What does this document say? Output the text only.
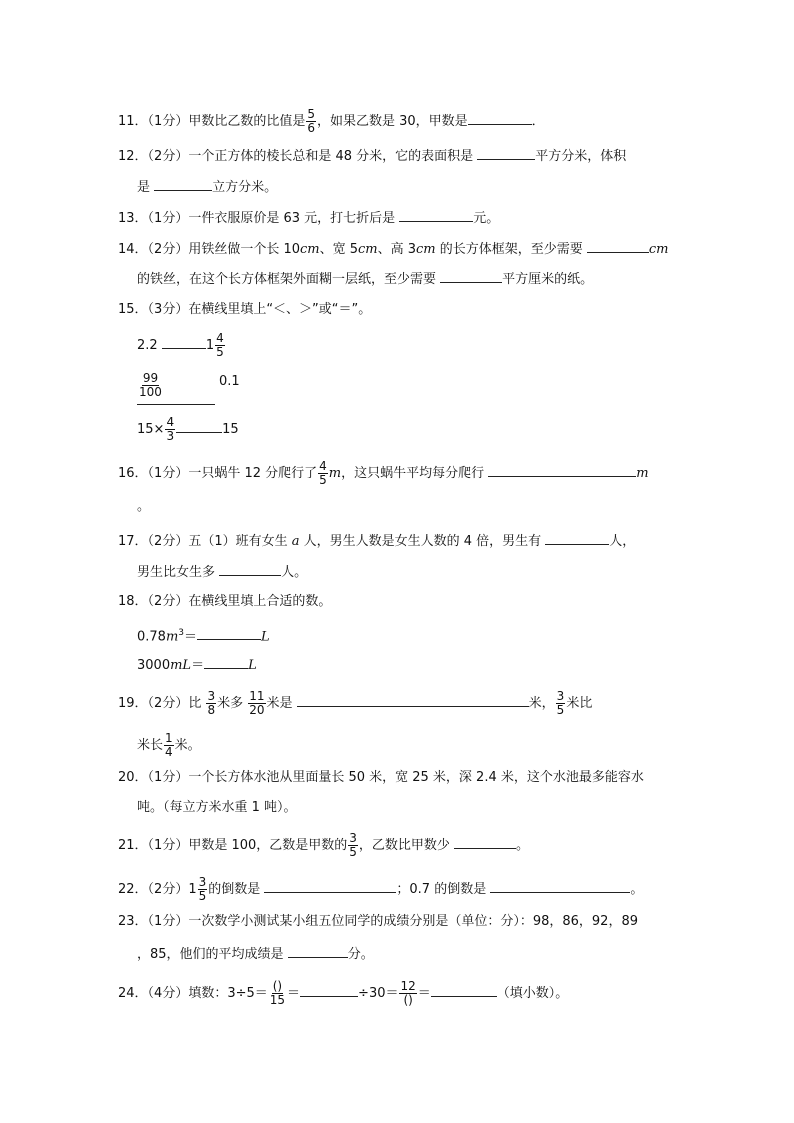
11．（1分）甲数比乙数的比值是 $\frac{5}{6}$ ，如果乙数是 30，甲数是	．
12．（2分）一个正方体的棱长总和是 48 分米，它的表面积是	平方分米，体积
是	立方分米。
13．（1分）一件衣服原价是 63 元，打七折后是	元。
14．（2分）用铁丝做一个长 10cm、宽 5cm、高 3cm 的长方体框架，至少需要	cm
的铁丝，在这个长方体框架外面糊一层纸，至少需要	平方厘米的纸。
15．（3分）在横线里填上“＜、＞”或“＝”。
2.2	$1 \frac{4}{5}$
$\frac{99}{100}$	0.1
$15\times \frac{4}{3}$	15
16．（1分）一只蜗牛 12 分爬行了 $\frac{4}{5}$ m，这只蜗牛平均每分爬行	m
。
17．（2分）五（1）班有女生 a 人，男生人数是女生人数的 4 倍，男生有	人，
男生比女生多	人。
18．（2分）在横线里填上合适的数。
$0.78m^3=$	L
3000mL＝	L
19．（2分）比 $\frac{3}{8}$ 米多 $\frac{11}{20}$ 米是	米， $\frac{3}{5}$ 米比
米长 $\frac{1}{4}$ 米。
20．（1分）一个长方体水池从里面量长 50 米，宽 25 米，深 2.4 米，这个水池最多能容水
吨。（每立方米水重 1 吨）。
21．（1分）甲数是 100，乙数是甲数的 $\frac{3}{5}$ ，乙数比甲数少	。
22．（2分）$1 \frac{3}{5}$ 的倒数是	；0.7 的倒数是	。
23．（1分）一次数学小测试某小组五位同学的成绩分别是（单位：分）：98，86，92，89
，85，他们的平均成绩是	分。
24．（4分）填数：$3\div 5= \frac{()}{15}$ ＝	$\div 30= \frac{12}{()}$ ＝	（填小数）。
